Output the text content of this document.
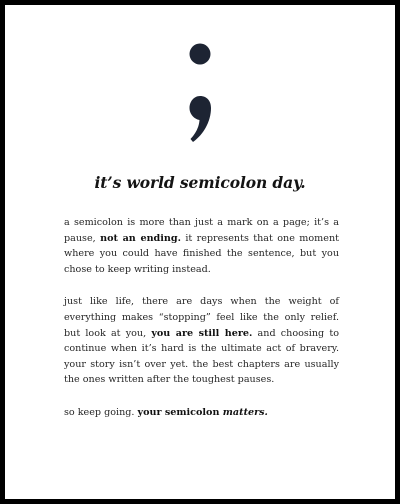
it’s world semicolon day.

a semicolon is more than just a mark on a page; it’s a pause, not an ending. it represents that one moment where you could have finished the sentence, but you chose to keep writing instead.

just like life, there are days when the weight of everything makes “stopping” feel like the only relief. but look at you, you are still here. and choosing to continue when it’s hard is the ultimate act of bravery. your story isn’t over yet. the best chapters are usually the ones written after the toughest pauses.

so keep going. your semicolon matters.
